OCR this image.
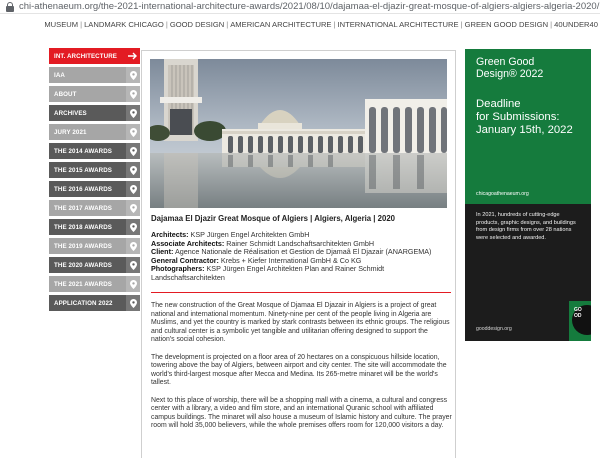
chi-athenaeum.org/the-2021-international-architecture-awards/2021/08/10/dajamaa-el-djazir-great-mosque-of-algiers-algiers-algeria-2020/
MUSEUM | LANDMARK CHICAGO | GOOD DESIGN | AMERICAN ARCHITECTURE | INTERNATIONAL ARCHITECTURE | GREEN GOOD DESIGN | 40UNDER40
INT. ARCHITECTURE
IAA
ABOUT
ARCHIVES
JURY 2021
THE 2014 AWARDS
THE 2015 AWARDS
THE 2016 AWARDS
THE 2017 AWARDS
THE 2018 AWARDS
THE 2019 AWARDS
THE 2020 AWARDS
THE 2021 AWARDS
APPLICATION 2022
Dajamaa El Djazir Great Mosque of Algiers | Algiers, Algeria | 2020
Architects: KSP Jürgen Engel Architekten GmbH
Associate Architects: Rainer Schmidt Landschaftsarchitekten GmbH
Client: Agence Nationale de Réalisation et Gestion de Djamaâ El Djazair (ANARGEMA)
General Contractor: Krebs + Kiefer International GmbH & Co KG
Photographers: KSP Jürgen Engel Architekten Plan and Rainer Schmidt Landschaftsarchitekten

The new construction of the Great Mosque of Djamaa El Djazair in Algiers is a project of great national and international momentum. Ninety-nine per cent of the people living in Algeria are Muslims, and yet the country is marked by stark contrasts between its ethnic groups. The religious and cultural center is a symbolic yet tangible and utilitarian offering designed to support the nation's social cohesion.

The development is projected on a floor area of 20 hectares on a conspicuous hillside location, towering above the bay of Algiers, between airport and city center. The site will accommodate the world's third-largest mosque after Mecca and Medina. Its 265-metre minaret will be the world's tallest.

Next to this place of worship, there will be a shopping mall with a cinema, a cultural and congress center with a library, a video and film store, and an international Quranic school with affiliated campus buildings. The minaret will also house a museum of Islamic history and culture. The prayer room will hold 35,000 believers, while the whole premises offers room for 120,000 visitors a day.

Green Good
Design® 2022
Deadline
for Submissions:
January 15th, 2022
chicagoathenaeum.org
In 2021, hundreds of cutting-edge products, graphic designs, and buildings from design firms from over 28 nations were selected and awarded.
gooddesign.org
GO
OD
